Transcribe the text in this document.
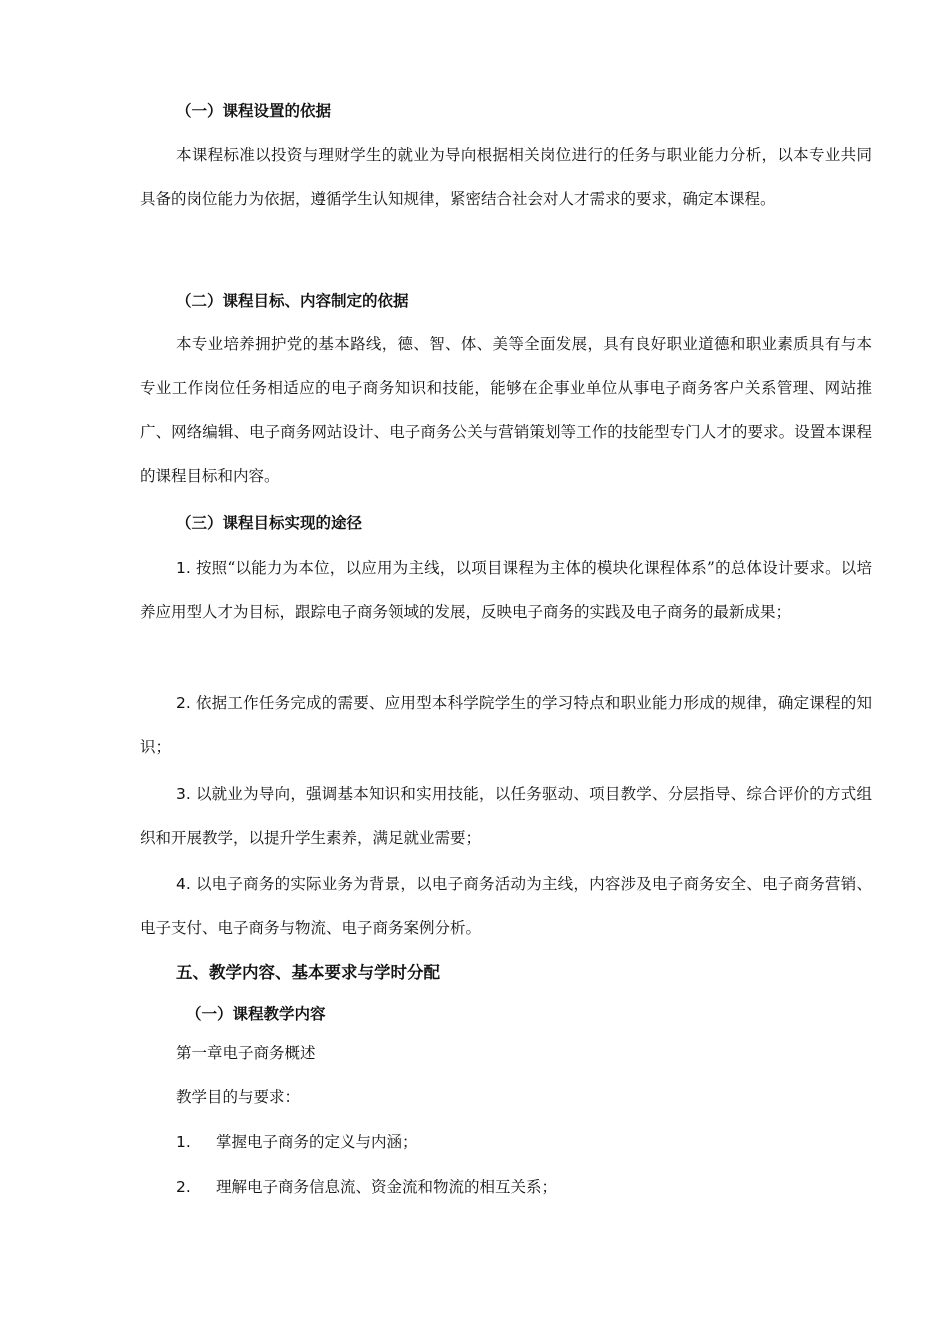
（一）课程设置的依据

本课程标准以投资与理财学生的就业为导向根据相关岗位进行的任务与职业能力分析，以本专业共同具备的岗位能力为依据，遵循学生认知规律，紧密结合社会对人才需求的要求，确定本课程。

（二）课程目标、内容制定的依据

本专业培养拥护党的基本路线，德、智、体、美等全面发展，具有良好职业道德和职业素质具有与本专业工作岗位任务相适应的电子商务知识和技能，能够在企事业单位从事电子商务客户关系管理、网站推广、网络编辑、电子商务网站设计、电子商务公关与营销策划等工作的技能型专门人才的要求。设置本课程的课程目标和内容。

（三）课程目标实现的途径

1. 按照“以能力为本位，以应用为主线，以项目课程为主体的模块化课程体系”的总体设计要求。以培养应用型人才为目标，跟踪电子商务领域的发展，反映电子商务的实践及电子商务的最新成果；

2. 依据工作任务完成的需要、应用型本科学院学生的学习特点和职业能力形成的规律，确定课程的知识；

3. 以就业为导向，强调基本知识和实用技能，以任务驱动、项目教学、分层指导、综合评价的方式组织和开展教学，以提升学生素养，满足就业需要；

4. 以电子商务的实际业务为背景，以电子商务活动为主线，内容涉及电子商务安全、电子商务营销、电子支付、电子商务与物流、电子商务案例分析。

五、教学内容、基本要求与学时分配

（一）课程教学内容

第一章电子商务概述

教学目的与要求：

1. 掌握电子商务的定义与内涵；
2. 理解电子商务信息流、资金流和物流的相互关系；
